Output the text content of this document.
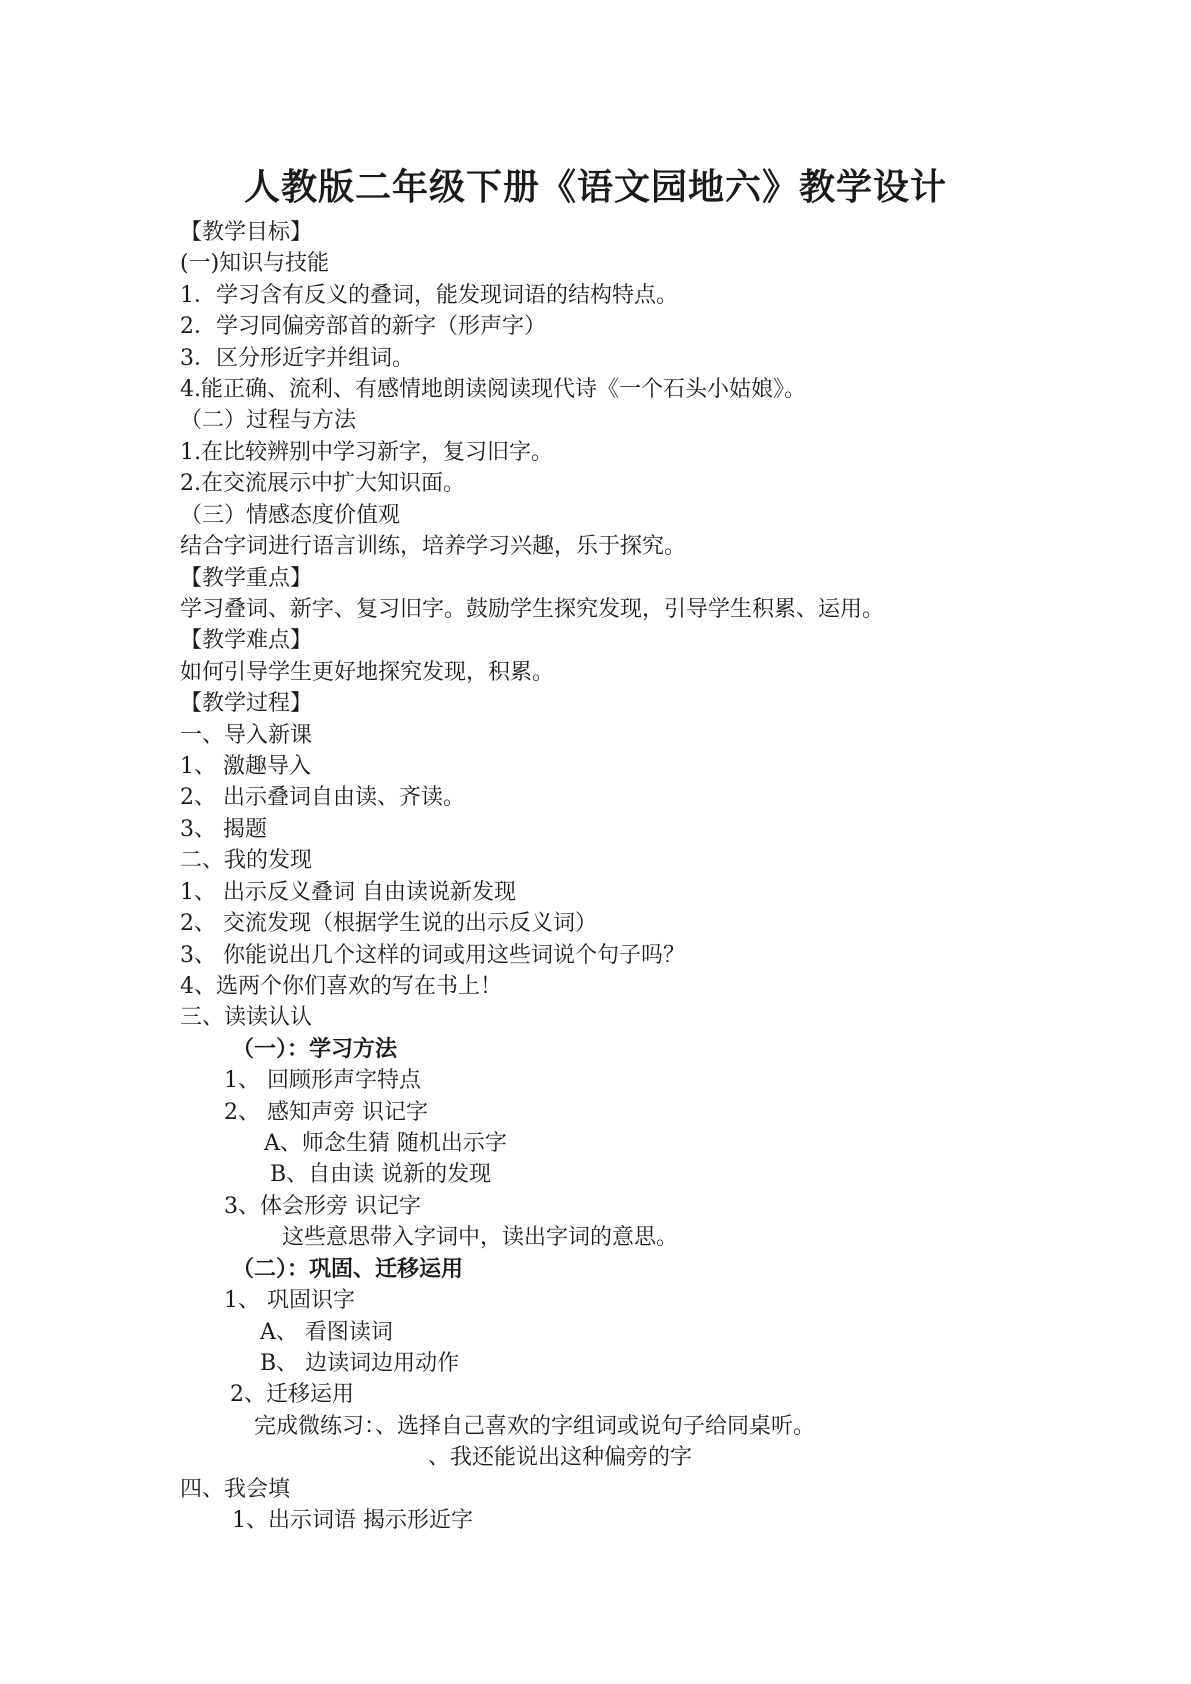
人教版二年级下册《语文园地六》教学设计
【教学目标】
(一)知识与技能
1．学习含有反义的叠词，能发现词语的结构特点。
2．学习同偏旁部首的新字（形声字）
3．区分形近字并组词。
4.能正确、流利、有感情地朗读阅读现代诗《一个石头小姑娘》。
（二）过程与方法
1.在比较辨别中学习新字，复习旧字。
2.在交流展示中扩大知识面。
（三）情感态度价值观
结合字词进行语言训练，培养学习兴趣，乐于探究。
【教学重点】
学习叠词、新字、复习旧字。鼓励学生探究发现，引导学生积累、运用。
【教学难点】
如何引导学生更好地探究发现，积累。
【教学过程】
一、导入新课
1、 激趣导入
2、 出示叠词自由读、齐读。
3、 揭题
二、我的发现
1、 出示反义叠词 自由读说新发现
2、 交流发现（根据学生说的出示反义词）
3、 你能说出几个这样的词或用这些词说个句子吗？
4、选两个你们喜欢的写在书上！
三、读读认认
（一）：学习方法
1、 回顾形声字特点
2、 感知声旁 识记字
A、师念生猜 随机出示字
B、自由读 说新的发现
3、体会形旁 识记字
这些意思带入字词中，读出字词的意思。
（二）：巩固、迁移运用
1、 巩固识字
A、 看图读词
B、 边读词边用动作
2、迁移运用
完成微练习：、选择自己喜欢的字组词或说句子给同桌听。
、我还能说出这种偏旁的字
四、我会填
1、出示词语 揭示形近字
